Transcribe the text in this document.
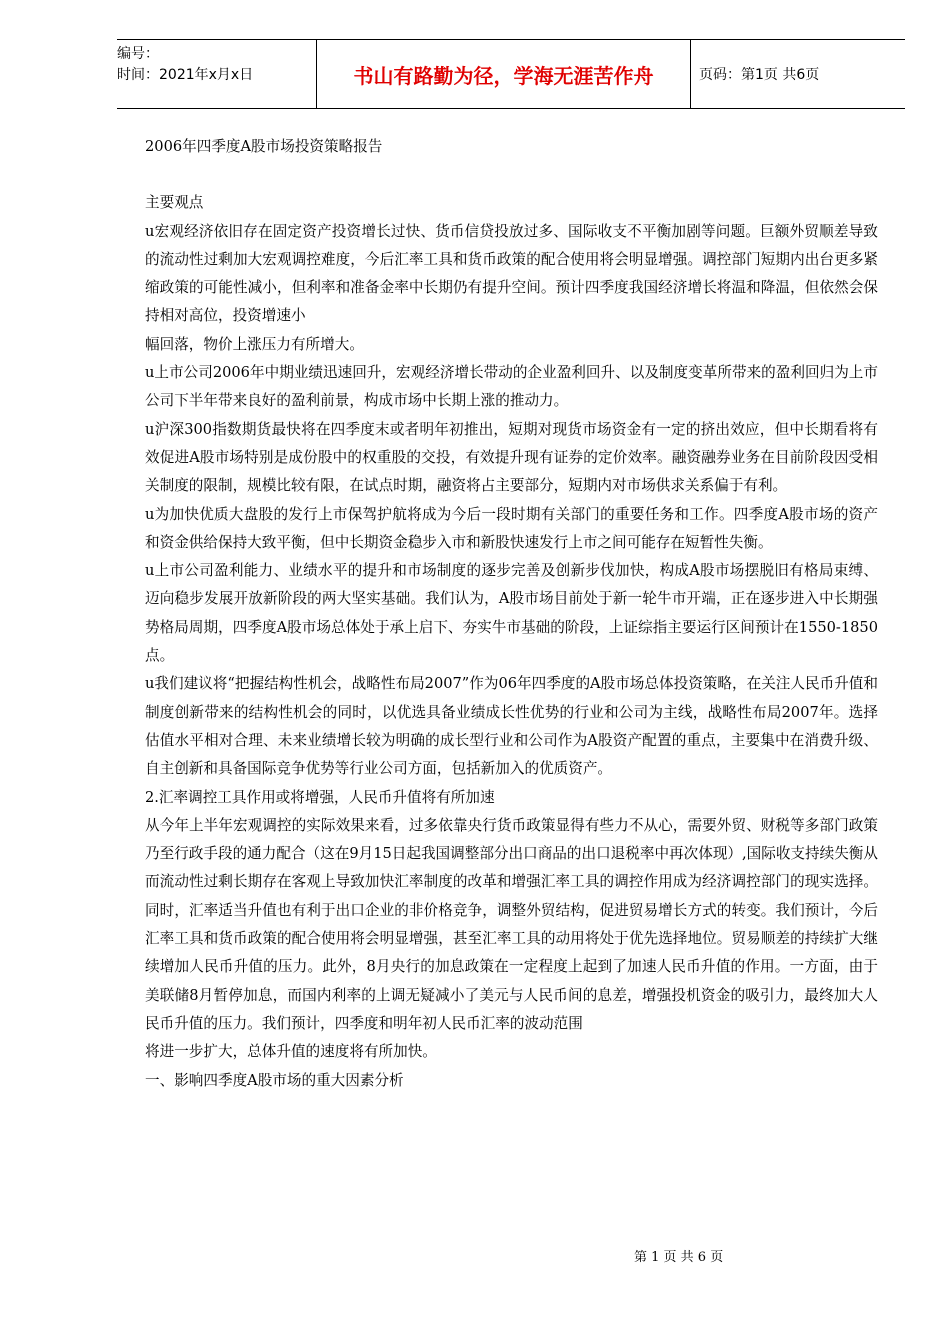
编号：
时间：2021年x月x日	书山有路勤为径，学海无涯苦作舟	页码：第1页 共6页

2006年四季度A股市场投资策略报告

主要观点

u宏观经济依旧存在固定资产投资增长过快、货币信贷投放过多、国际收支不平衡加剧等问题。巨额外贸顺差导致的流动性过剩加大宏观调控难度，今后汇率工具和货币政策的配合使用将会明显增强。调控部门短期内出台更多紧缩政策的可能性减小，但利率和准备金率中长期仍有提升空间。预计四季度我国经济增长将温和降温，但依然会保持相对高位，投资增速小

幅回落，物价上涨压力有所增大。

u上市公司2006年中期业绩迅速回升，宏观经济增长带动的企业盈利回升、以及制度变革所带来的盈利回归为上市公司下半年带来良好的盈利前景，构成市场中长期上涨的推动力。

u沪深300指数期货最快将在四季度末或者明年初推出，短期对现货市场资金有一定的挤出效应，但中长期看将有效促进A股市场特别是成份股中的权重股的交投，有效提升现有证券的定价效率。融资融券业务在目前阶段因受相关制度的限制，规模比较有限，在试点时期，融资将占主要部分，短期内对市场供求关系偏于有利。

u为加快优质大盘股的发行上市保驾护航将成为今后一段时期有关部门的重要任务和工作。四季度A股市场的资产和资金供给保持大致平衡，但中长期资金稳步入市和新股快速发行上市之间可能存在短暂性失衡。

u上市公司盈利能力、业绩水平的提升和市场制度的逐步完善及创新步伐加快，构成A股市场摆脱旧有格局束缚、迈向稳步发展开放新阶段的两大坚实基础。我们认为，A股市场目前处于新一轮牛市开端，正在逐步进入中长期强势格局周期，四季度A股市场总体处于承上启下、夯实牛市基础的阶段，上证综指主要运行区间预计在1550-1850点。

u我们建议将“把握结构性机会，战略性布局2007”作为06年四季度的A股市场总体投资策略，在关注人民币升值和制度创新带来的结构性机会的同时，以优选具备业绩成长性优势的行业和公司为主线，战略性布局2007年。选择估值水平相对合理、未来业绩增长较为明确的成长型行业和公司作为A股资产配置的重点，主要集中在消费升级、自主创新和具备国际竞争优势等行业公司方面，包括新加入的优质资产。

2.汇率调控工具作用或将增强，人民币升值将有所加速

从今年上半年宏观调控的实际效果来看，过多依靠央行货币政策显得有些力不从心，需要外贸、财税等多部门政策乃至行政手段的通力配合（这在9月15日起我国调整部分出口商品的出口退税率中再次体现）,国际收支持续失衡从而流动性过剩长期存在客观上导致加快汇率制度的改革和增强汇率工具的调控作用成为经济调控部门的现实选择。同时，汇率适当升值也有利于出口企业的非价格竞争，调整外贸结构，促进贸易增长方式的转变。我们预计，今后汇率工具和货币政策的配合使用将会明显增强，甚至汇率工具的动用将处于优先选择地位。贸易顺差的持续扩大继续增加人民币升值的压力。此外，8月央行的加息政策在一定程度上起到了加速人民币升值的作用。一方面，由于美联储8月暂停加息，而国内利率的上调无疑减小了美元与人民币间的息差，增强投机资金的吸引力，最终加大人民币升值的压力。我们预计，四季度和明年初人民币汇率的波动范围

将进一步扩大，总体升值的速度将有所加快。

一、影响四季度A股市场的重大因素分析

第 1 页 共 6 页
